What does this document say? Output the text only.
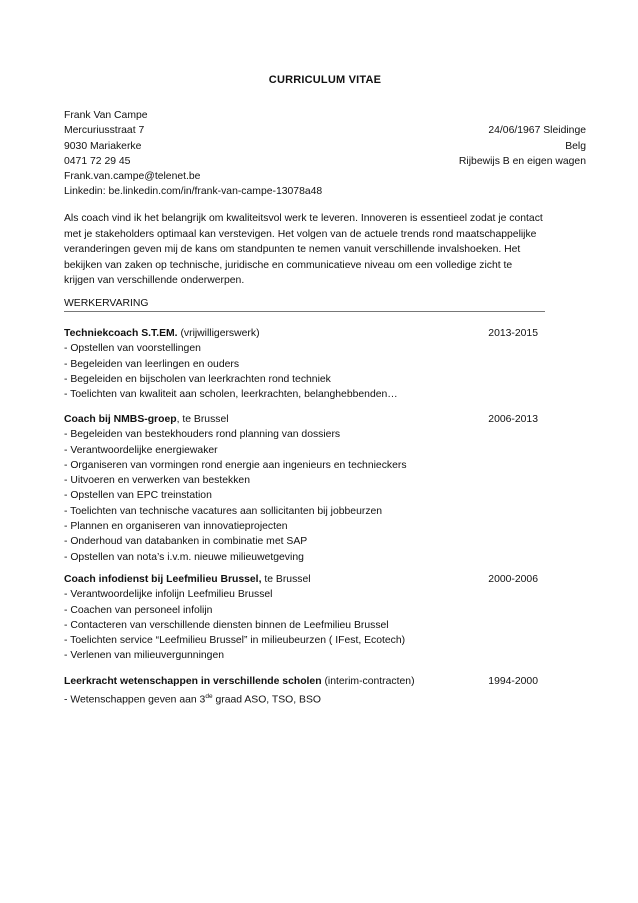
CURRICULUM VITAE
Frank Van Campe
Mercuriusstraat 7	24/06/1967 Sleidinge
9030 Mariakerke	Belg
0471 72 29 45	Rijbewijs B en eigen wagen
Frank.van.campe@telenet.be
Linkedin: be.linkedin.com/in/frank-van-campe-13078a48
Als coach vind ik het belangrijk om kwaliteitsvol werk te leveren. Innoveren is essentieel zodat je contact met je stakeholders optimaal kan verstevigen. Het volgen van de actuele trends rond maatschappelijke veranderingen geven mij de kans om standpunten te nemen vanuit verschillende invalshoeken. Het bekijken van zaken op technische, juridische en communicatieve niveau om een volledige zicht te krijgen van verschillende onderwerpen.
WERKERVARING
Techniekcoach S.T.EM. (vrijwilligerswerk)	2013-2015
- Opstellen van voorstellingen
- Begeleiden van leerlingen en ouders
- Begeleiden en bijscholen van leerkrachten rond techniek
- Toelichten van kwaliteit aan scholen, leerkrachten, belanghebbenden…
Coach bij NMBS-groep, te Brussel	2006-2013
- Begeleiden van bestekhouders rond planning van dossiers
- Verantwoordelijke energiewaker
- Organiseren van vormingen rond energie aan ingenieurs en technieckers
- Uitvoeren en verwerken van bestekken
- Opstellen van EPC treinstation
- Toelichten van technische vacatures aan sollicitanten bij jobbeurzen
- Plannen en organiseren van innovatieprojecten
- Onderhoud van databanken in combinatie met SAP
- Opstellen van nota’s i.v.m. nieuwe milieuwetgeving
Coach infodienst bij Leefmilieu Brussel, te Brussel	2000-2006
- Verantwoordelijke infolijn Leefmilieu Brussel
- Coachen van personeel infolijn
- Contacteren van verschillende diensten binnen de Leefmilieu Brussel
- Toelichten service “Leefmilieu Brussel” in milieubeurzen ( IFest, Ecotech)
- Verlenen van milieuvergunningen
Leerkracht wetenschappen in verschillende scholen (interim-contracten)	1994-2000
- Wetenschappen geven aan 3de graad ASO, TSO, BSO
